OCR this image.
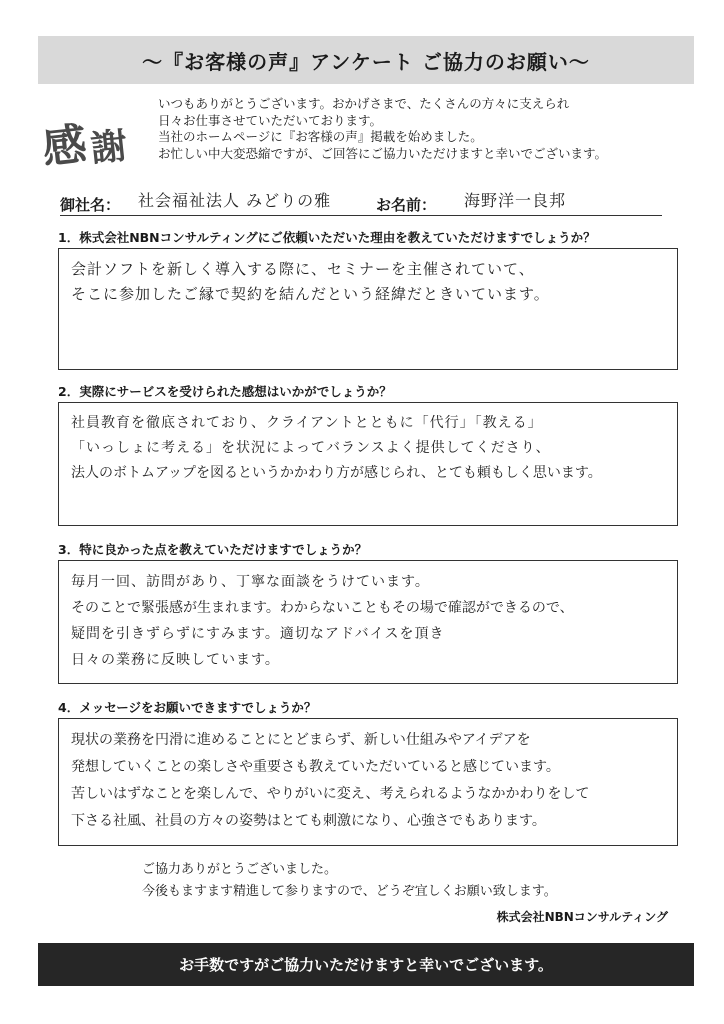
～『お客様の声』アンケート ご協力のお願い～
感 謝
いつもありがとうございます。おかげさまで、たくさんの方々に支えられ
日々お仕事させていただいております。
当社のホームページに『お客様の声』掲載を始めました。
お忙しい中大変恐縮ですが、ご回答にご協力いただけますと幸いでございます。
御社名： 社会福祉法人 みどりの雅	お名前： 海野洋一良邦
1．株式会社NBNコンサルティングにご依頼いただいた理由を教えていただけますでしょうか？
会計ソフトを新しく導入する際に、セミナーを主催されていて、
そこに参加したご縁で契約を結んだという経緯だときいています。
2．実際にサービスを受けられた感想はいかがでしょうか？
社員教育を徹底されており、クライアントとともに「代行」「教える」
「いっしょに考える」を状況によってバランスよく提供してくださり、
法人のボトムアップを図るというかかわり方が感じられ、とても頼もしく思います。
3．特に良かった点を教えていただけますでしょうか？
毎月一回、訪問があり、丁寧な面談をうけています。
そのことで緊張感が生まれます。わからないこともその場で確認ができるので、
疑問を引きずらずにすみます。適切なアドバイスを頂き
日々の業務に反映しています。
4．メッセージをお願いできますでしょうか？
現状の業務を円滑に進めることにとどまらず、新しい仕組みやアイデアを
発想していくことの楽しさや重要さも教えていただいていると感じています。
苦しいはずなことを楽しんで、やりがいに変え、考えられるようなかかわりをして
下さる社風、社員の方々の姿勢はとても刺激になり、心強さでもあります。
ご協力ありがとうございました。
今後もますます精進して参りますので、どうぞ宜しくお願い致します。
株式会社NBNコンサルティング
お手数ですがご協力いただけますと幸いでございます。
